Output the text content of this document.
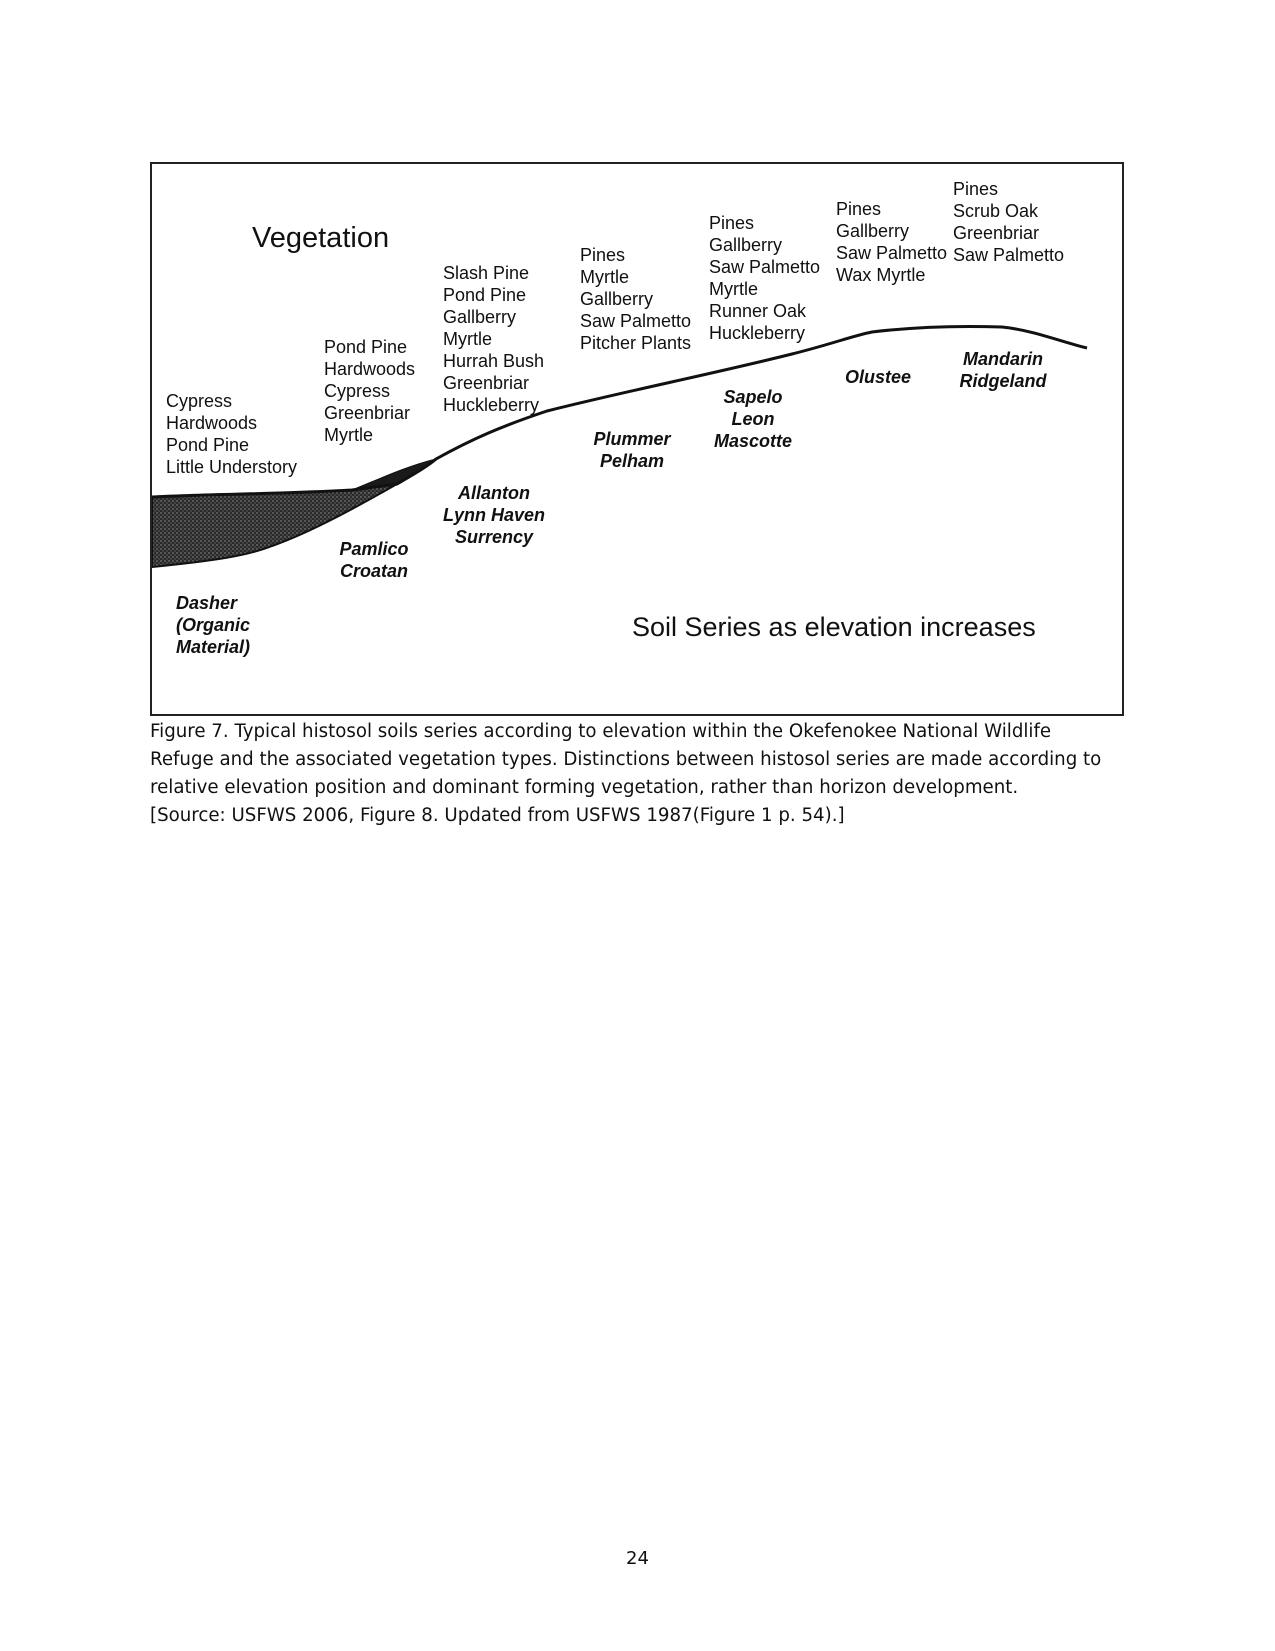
Vegetation
Cypress
Hardwoods
Pond Pine
Little Understory
Pond Pine
Hardwoods
Cypress
Greenbriar
Myrtle
Slash Pine
Pond Pine
Gallberry
Myrtle
Hurrah Bush
Greenbriar
Huckleberry
Pines
Myrtle
Gallberry
Saw Palmetto
Pitcher Plants
Pines
Gallberry
Saw Palmetto
Myrtle
Runner Oak
Huckleberry
Pines
Gallberry
Saw Palmetto
Wax Myrtle
Pines
Scrub Oak
Greenbriar
Saw Palmetto
Dasher
(Organic
Material)
Pamlico
Croatan
Allanton
Lynn Haven
Surrency
Plummer
Pelham
Sapelo
Leon
Mascotte
Olustee
Mandarin
Ridgeland
Soil Series as elevation increases
Figure 7. Typical histosol soils series according to elevation within the Okefenokee National Wildlife
Refuge and the associated vegetation types. Distinctions between histosol series are made according to
relative elevation position and dominant forming vegetation, rather than horizon development.
[Source: USFWS 2006, Figure 8. Updated from USFWS 1987(Figure 1 p. 54).]
24
